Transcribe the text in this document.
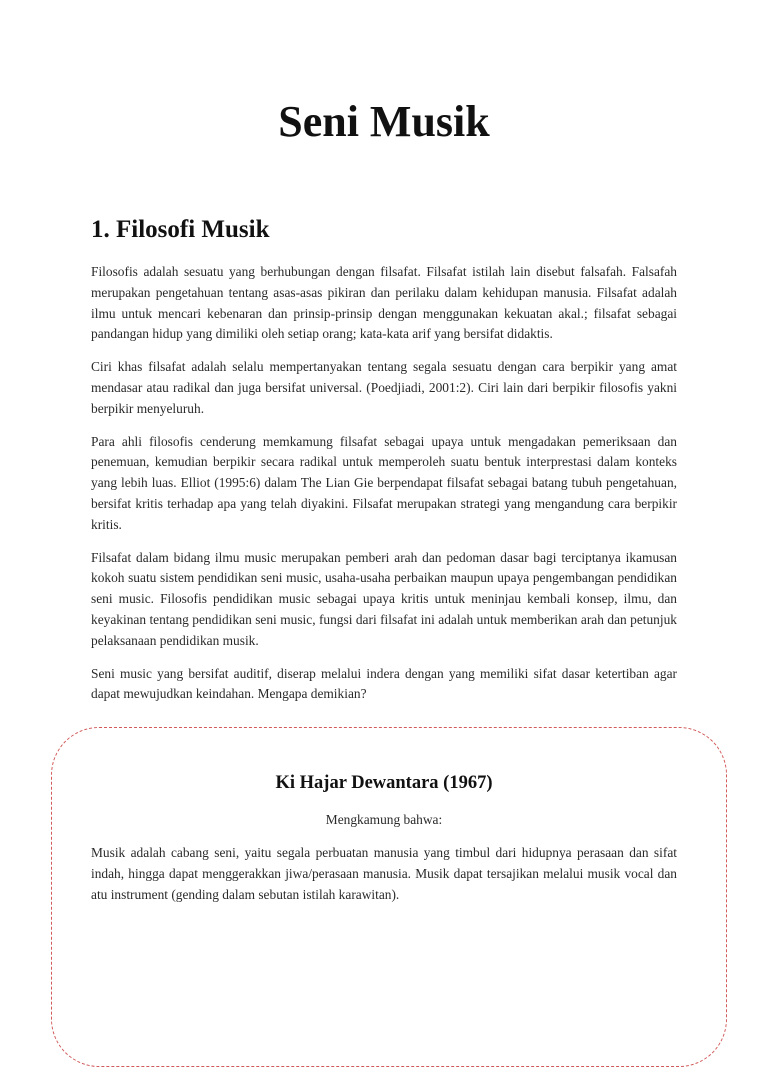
Seni Musik
1. Filosofi Musik

Filosofis adalah sesuatu yang berhubungan dengan filsafat. Filsafat istilah lain disebut falsafah. Falsafah merupakan pengetahuan tentang asas-asas pikiran dan perilaku dalam kehidupan manusia. Filsafat adalah ilmu untuk mencari kebenaran dan prinsip-prinsip dengan menggunakan kekuatan akal.; filsafat sebagai pandangan hidup yang dimiliki oleh setiap orang; kata-kata arif yang bersifat didaktis.

Ciri khas filsafat adalah selalu mempertanyakan tentang segala sesuatu dengan cara berpikir yang amat mendasar atau radikal dan juga bersifat universal. (Poedjiadi, 2001:2). Ciri lain dari berpikir filosofis yakni berpikir menyeluruh.

Para ahli filosofis cenderung memkamung filsafat sebagai upaya untuk mengadakan pemeriksaan dan penemuan, kemudian berpikir secara radikal untuk memperoleh suatu bentuk interprestasi dalam konteks yang lebih luas. Elliot (1995:6) dalam The Lian Gie berpendapat filsafat sebagai batang tubuh pengetahuan, bersifat kritis terhadap apa yang telah diyakini. Filsafat merupakan strategi yang mengandung cara berpikir kritis.

Filsafat dalam bidang ilmu music merupakan pemberi arah dan pedoman dasar bagi terciptanya ikamusan kokoh suatu sistem pendidikan seni music, usaha-usaha perbaikan maupun upaya pengembangan pendidikan seni music. Filosofis pendidikan music sebagai upaya kritis untuk meninjau kembali konsep, ilmu, dan keyakinan tentang pendidikan seni music, fungsi dari filsafat ini adalah untuk memberikan arah dan petunjuk pelaksanaan pendidikan musik.

Seni music yang bersifat auditif, diserap melalui indera dengan yang memiliki sifat dasar ketertiban agar dapat mewujudkan keindahan. Mengapa demikian?

Ki Hajar Dewantara (1967)

Mengkamung bahwa:

Musik adalah cabang seni, yaitu segala perbuatan manusia yang timbul dari hidupnya perasaan dan sifat indah, hingga dapat menggerakkan jiwa/perasaan manusia. Musik dapat tersajikan melalui musik vocal dan atu instrument (gending dalam sebutan istilah karawitan).
